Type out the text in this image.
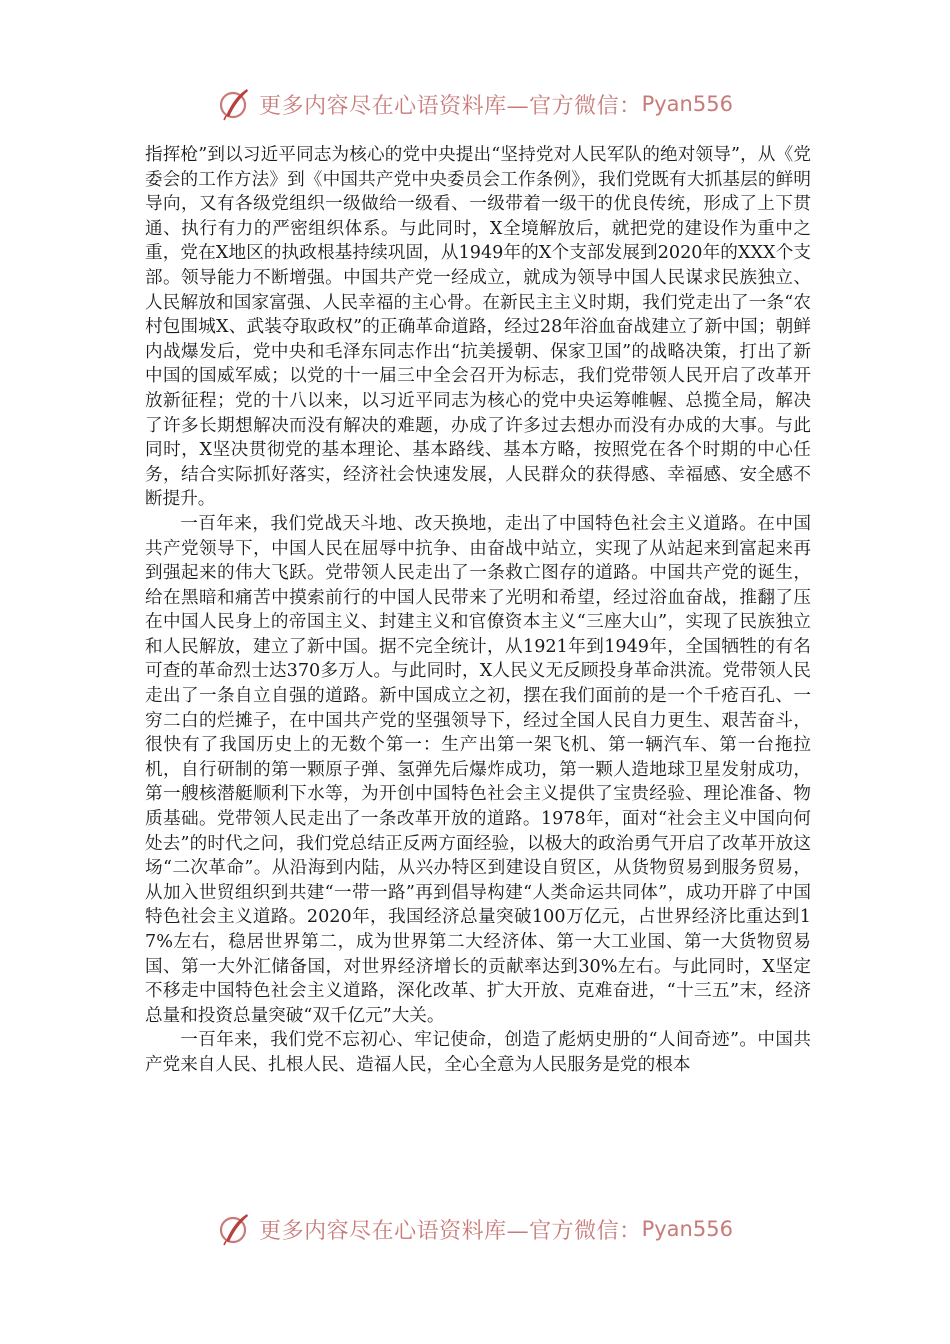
更多内容尽在心语资料库—官方微信： Pyan556

指挥枪”到以习近平同志为核心的党中央提出“坚持党对人民军队的绝对领导”，从《党委会的工作方法》到《中国共产党中央委员会工作条例》，我们党既有大抓基层的鲜明导向，又有各级党组织一级做给一级看、一级带着一级干的优良传统，形成了上下贯通、执行有力的严密组织体系。与此同时，X全境解放后，就把党的建设作为重中之重，党在X地区的执政根基持续巩固，从1949年的X个支部发展到2020年的XXX个支部。领导能力不断增强。中国共产党一经成立，就成为领导中国人民谋求民族独立、人民解放和国家富强、人民幸福的主心骨。在新民主主义时期，我们党走出了一条“农村包围城X、武装夺取政权”的正确革命道路，经过28年浴血奋战建立了新中国；朝鲜内战爆发后，党中央和毛泽东同志作出“抗美援朝、保家卫国”的战略决策，打出了新中国的国威军威；以党的十一届三中全会召开为标志，我们党带领人民开启了改革开放新征程；党的十八以来，以习近平同志为核心的党中央运筹帷幄、总揽全局，解决了许多长期想解决而没有解决的难题，办成了许多过去想办而没有办成的大事。与此同时，X坚决贯彻党的基本理论、基本路线、基本方略，按照党在各个时期的中心任务，结合实际抓好落实，经济社会快速发展，人民群众的获得感、幸福感、安全感不断提升。

一百年来，我们党战天斗地、改天换地，走出了中国特色社会主义道路。在中国共产党领导下，中国人民在屈辱中抗争、由奋战中站立，实现了从站起来到富起来再到强起来的伟大飞跃。党带领人民走出了一条救亡图存的道路。中国共产党的诞生，给在黑暗和痛苦中摸索前行的中国人民带来了光明和希望，经过浴血奋战，推翻了压在中国人民身上的帝国主义、封建主义和官僚资本主义“三座大山”，实现了民族独立和人民解放，建立了新中国。据不完全统计，从1921年到1949年，全国牺牲的有名可查的革命烈士达370多万人。与此同时，X人民义无反顾投身革命洪流。党带领人民走出了一条自立自强的道路。新中国成立之初，摆在我们面前的是一个千疮百孔、一穷二白的烂摊子，在中国共产党的坚强领导下，经过全国人民自力更生、艰苦奋斗，很快有了我国历史上的无数个第一：生产出第一架飞机、第一辆汽车、第一台拖拉机，自行研制的第一颗原子弹、氢弹先后爆炸成功，第一颗人造地球卫星发射成功，第一艘核潜艇顺利下水等，为开创中国特色社会主义提供了宝贵经验、理论准备、物质基础。党带领人民走出了一条改革开放的道路。1978年，面对“社会主义中国向何处去”的时代之问，我们党总结正反两方面经验，以极大的政治勇气开启了改革开放这场“二次革命”。从沿海到内陆，从兴办特区到建设自贸区，从货物贸易到服务贸易，从加入世贸组织到共建“一带一路”再到倡导构建“人类命运共同体”，成功开辟了中国特色社会主义道路。2020年，我国经济总量突破100万亿元，占世界经济比重达到17%左右，稳居世界第二，成为世界第二大经济体、第一大工业国、第一大货物贸易国、第一大外汇储备国，对世界经济增长的贡献率达到30%左右。与此同时，X坚定不移走中国特色社会主义道路，深化改革、扩大开放、克难奋进，“十三五”末，经济总量和投资总量突破“双千亿元”大关。

一百年来，我们党不忘初心、牢记使命，创造了彪炳史册的“人间奇迹”。中国共产党来自人民、扎根人民、造福人民，全心全意为人民服务是党的根本

更多内容尽在心语资料库—官方微信： Pyan556
